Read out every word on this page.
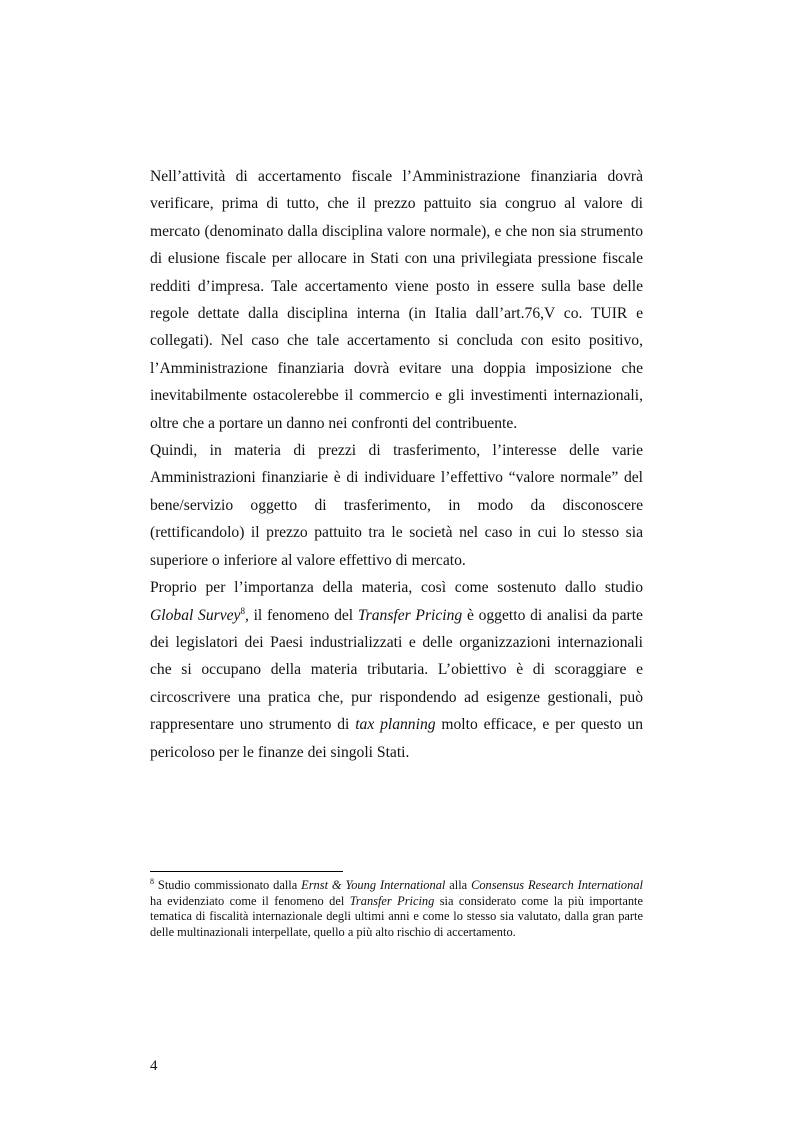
Nell’attività di accertamento fiscale l’Amministrazione finanziaria dovrà verificare, prima di tutto, che il prezzo pattuito sia congruo al valore di mercato (denominato dalla disciplina valore normale), e che non sia strumento di elusione fiscale per allocare in Stati con una privilegiata pressione fiscale redditi d’impresa. Tale accertamento viene posto in essere sulla base delle regole dettate dalla disciplina interna (in Italia dall’art.76,V co. TUIR e collegati). Nel caso che tale accertamento si concluda con esito positivo, l’Amministrazione finanziaria dovrà evitare una doppia imposizione che inevitabilmente ostacolerebbe il commercio e gli investimenti internazionali, oltre che a portare un danno nei confronti del contribuente.

Quindi, in materia di prezzi di trasferimento, l’interesse delle varie Amministrazioni finanziarie è di individuare l’effettivo “valore normale” del bene/servizio oggetto di trasferimento, in modo da disconoscere (rettificandolo) il prezzo pattuito tra le società nel caso in cui lo stesso sia superiore o inferiore al valore effettivo di mercato.

Proprio per l’importanza della materia, così come sostenuto dallo studio Global Survey$^8$, il fenomeno del Transfer Pricing è oggetto di analisi da parte dei legislatori dei Paesi industrializzati e delle organizzazioni internazionali che si occupano della materia tributaria. L’obiettivo è di scoraggiare e circoscrivere una pratica che, pur rispondendo ad esigenze gestionali, può rappresentare uno strumento di tax planning molto efficace, e per questo un pericoloso per le finanze dei singoli Stati.

$^8$ Studio commissionato dalla Ernst & Young International alla Consensus Research International ha evidenziato come il fenomeno del Transfer Pricing sia considerato come la più importante tematica di fiscalità internazionale degli ultimi anni e come lo stesso sia valutato, dalla gran parte delle multinazionali interpellate, quello a più alto rischio di accertamento.
4
